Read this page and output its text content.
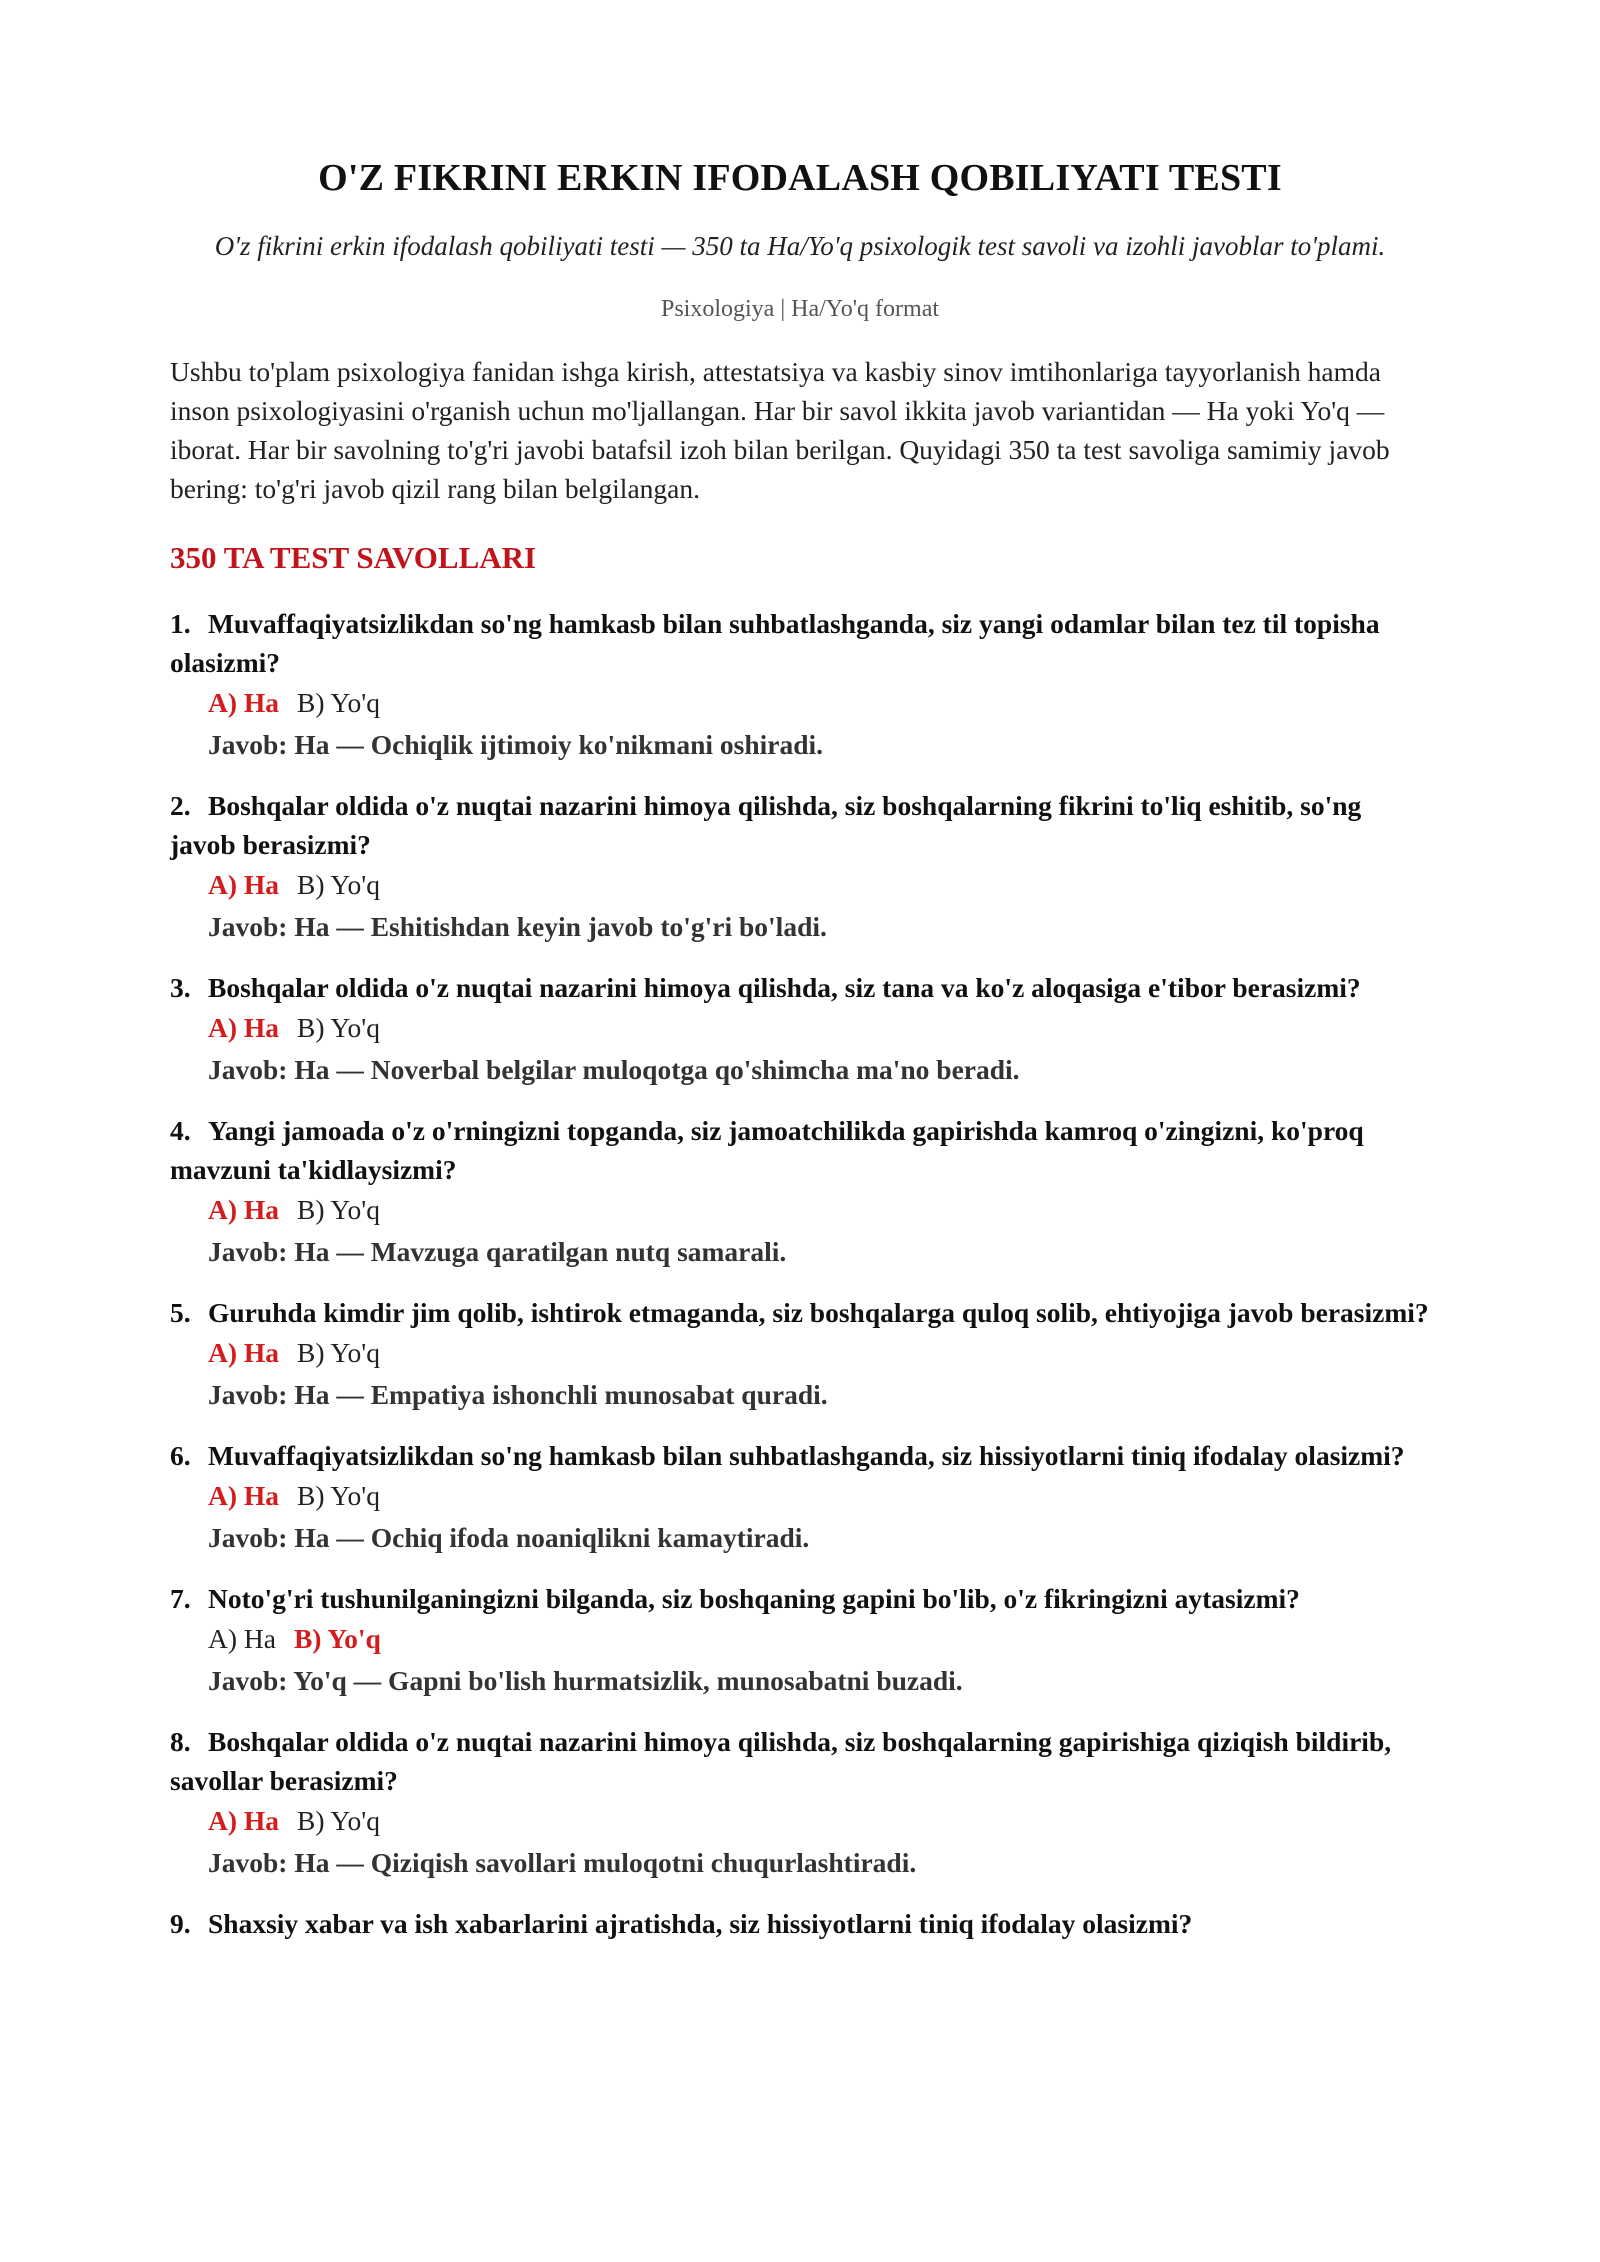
O'Z FIKRINI ERKIN IFODALASH QOBILIYATI TESTI
O'z fikrini erkin ifodalash qobiliyati testi — 350 ta Ha/Yo'q psixologik test savoli va izohli javoblar to'plami.
Psixologiya | Ha/Yo'q format
Ushbu to'plam psixologiya fanidan ishga kirish, attestatsiya va kasbiy sinov imtihonlariga tayyorlanish hamda inson psixologiyasini o'rganish uchun mo'ljallangan. Har bir savol ikkita javob variantidan — Ha yoki Yo'q — iborat. Har bir savolning to'g'ri javobi batafsil izoh bilan berilgan. Quyidagi 350 ta test savoliga samimiy javob bering: to'g'ri javob qizil rang bilan belgilangan.
350 TA TEST SAVOLLARI
1. Muvaffaqiyatsizlikdan so'ng hamkasb bilan suhbatlashganda, siz yangi odamlar bilan tez til topisha olasizmi?
A) Ha B) Yo'q
Javob: Ha — Ochiqlik ijtimoiy ko'nikmani oshiradi.
2. Boshqalar oldida o'z nuqtai nazarini himoya qilishda, siz boshqalarning fikrini to'liq eshitib, so'ng javob berasizmi?
A) Ha B) Yo'q
Javob: Ha — Eshitishdan keyin javob to'g'ri bo'ladi.
3. Boshqalar oldida o'z nuqtai nazarini himoya qilishda, siz tana va ko'z aloqasiga e'tibor berasizmi?
A) Ha B) Yo'q
Javob: Ha — Noverbal belgilar muloqotga qo'shimcha ma'no beradi.
4. Yangi jamoada o'z o'rningizni topganda, siz jamoatchilikda gapirishda kamroq o'zingizni, ko'proq mavzuni ta'kidlaysizmi?
A) Ha B) Yo'q
Javob: Ha — Mavzuga qaratilgan nutq samarali.
5. Guruhda kimdir jim qolib, ishtirok etmaganda, siz boshqalarga quloq solib, ehtiyojiga javob berasizmi?
A) Ha B) Yo'q
Javob: Ha — Empatiya ishonchli munosabat quradi.
6. Muvaffaqiyatsizlikdan so'ng hamkasb bilan suhbatlashganda, siz hissiyotlarni tiniq ifodalay olasizmi?
A) Ha B) Yo'q
Javob: Ha — Ochiq ifoda noaniqlikni kamaytiradi.
7. Noto'g'ri tushunilganingizni bilganda, siz boshqaning gapini bo'lib, o'z fikringizni aytasizmi?
A) Ha B) Yo'q
Javob: Yo'q — Gapni bo'lish hurmatsizlik, munosabatni buzadi.
8. Boshqalar oldida o'z nuqtai nazarini himoya qilishda, siz boshqalarning gapirishiga qiziqish bildirib, savollar berasizmi?
A) Ha B) Yo'q
Javob: Ha — Qiziqish savollari muloqotni chuqurlashtiradi.
9. Shaxsiy xabar va ish xabarlarini ajratishda, siz hissiyotlarni tiniq ifodalay olasizmi?
